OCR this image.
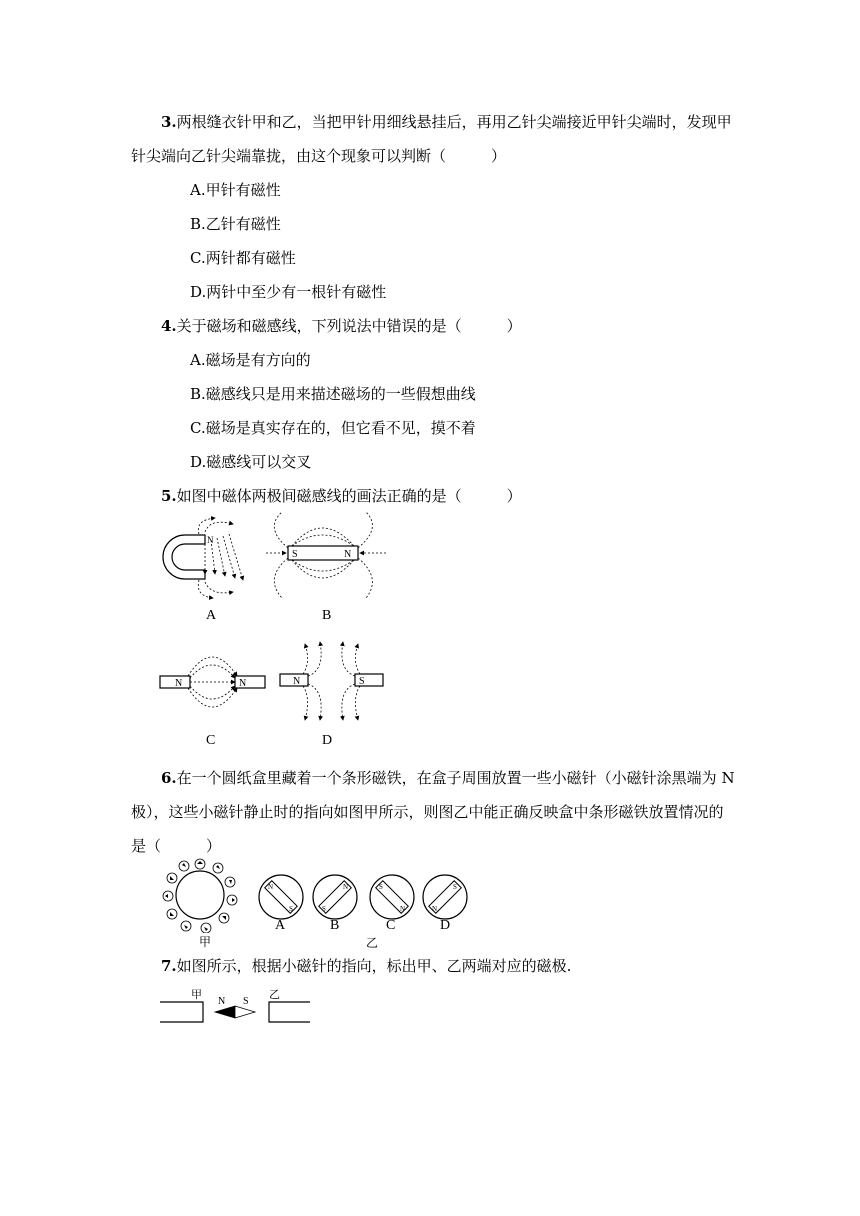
3.两根缝衣针甲和乙，当把甲针用细线悬挂后，再用乙针尖端接近甲针尖端时，发现甲
针尖端向乙针尖端靠拢，由这个现象可以判断（　　　）
A.甲针有磁性
B.乙针有磁性
C.两针都有磁性
D.两针中至少有一根针有磁性
4.关于磁场和磁感线，下列说法中错误的是（　　　）
A.磁场是有方向的
B.磁感线只是用来描述磁场的一些假想曲线
C.磁场是真实存在的，但它看不见，摸不着
D.磁感线可以交叉
5.如图中磁体两极间磁感线的画法正确的是（　　　）
N
A
S	N
B
N	N
C
N	S
D
6.在一个圆纸盒里藏着一个条形磁铁，在盒子周围放置一些小磁针（小磁针涂黑端为 N
极），这些小磁针静止时的指向如图甲所示，则图乙中能正确反映盒中条形磁铁放置情况的
是（　　　）
甲
N
S
A
N
S
B
S
N
C
S
N
D
乙
7.如图所示，根据小磁针的指向，标出甲、乙两端对应的磁极.
甲	乙
N S
